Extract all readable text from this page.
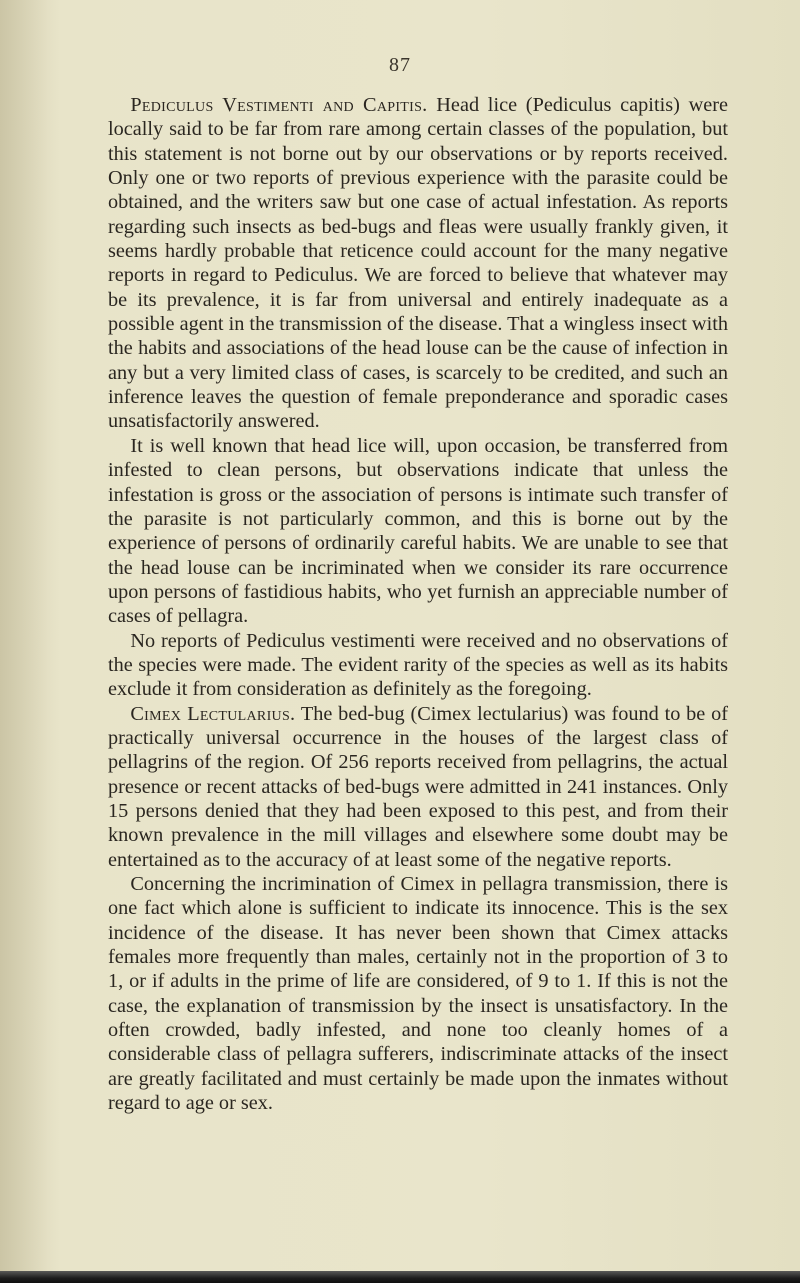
87

Pediculus Vestimenti and Capitis. Head lice (Pediculus capitis) were locally said to be far from rare among certain classes of the population, but this statement is not borne out by our observations or by reports received. Only one or two reports of previous experience with the parasite could be obtained, and the writers saw but one case of actual infestation. As reports regarding such insects as bed-bugs and fleas were usually frankly given, it seems hardly probable that reticence could account for the many negative reports in regard to Pediculus. We are forced to believe that whatever may be its prevalence, it is far from universal and entirely inadequate as a possible agent in the transmission of the disease. That a wingless insect with the habits and associations of the head louse can be the cause of infection in any but a very limited class of cases, is scarcely to be credited, and such an inference leaves the question of female preponderance and sporadic cases unsatisfactorily answered.

It is well known that head lice will, upon occasion, be transferred from infested to clean persons, but observations indicate that unless the infestation is gross or the association of persons is intimate such transfer of the parasite is not particularly common, and this is borne out by the experience of persons of ordinarily careful habits. We are unable to see that the head louse can be incriminated when we consider its rare occurrence upon persons of fastidious habits, who yet furnish an appreciable number of cases of pellagra.

No reports of Pediculus vestimenti were received and no observations of the species were made. The evident rarity of the species as well as its habits exclude it from consideration as definitely as the foregoing.

Cimex Lectularius. The bed-bug (Cimex lectularius) was found to be of practically universal occurrence in the houses of the largest class of pellagrins of the region. Of 256 reports received from pellagrins, the actual presence or recent attacks of bed-bugs were admitted in 241 instances. Only 15 persons denied that they had been exposed to this pest, and from their known prevalence in the mill villages and elsewhere some doubt may be entertained as to the accuracy of at least some of the negative reports.

Concerning the incrimination of Cimex in pellagra transmission, there is one fact which alone is sufficient to indicate its innocence. This is the sex incidence of the disease. It has never been shown that Cimex attacks females more frequently than males, certainly not in the proportion of 3 to 1, or if adults in the prime of life are considered, of 9 to 1. If this is not the case, the explanation of transmission by the insect is unsatisfactory. In the often crowded, badly infested, and none too cleanly homes of a considerable class of pellagra sufferers, indiscriminate attacks of the insect are greatly facilitated and must certainly be made upon the inmates without regard to age or sex.
